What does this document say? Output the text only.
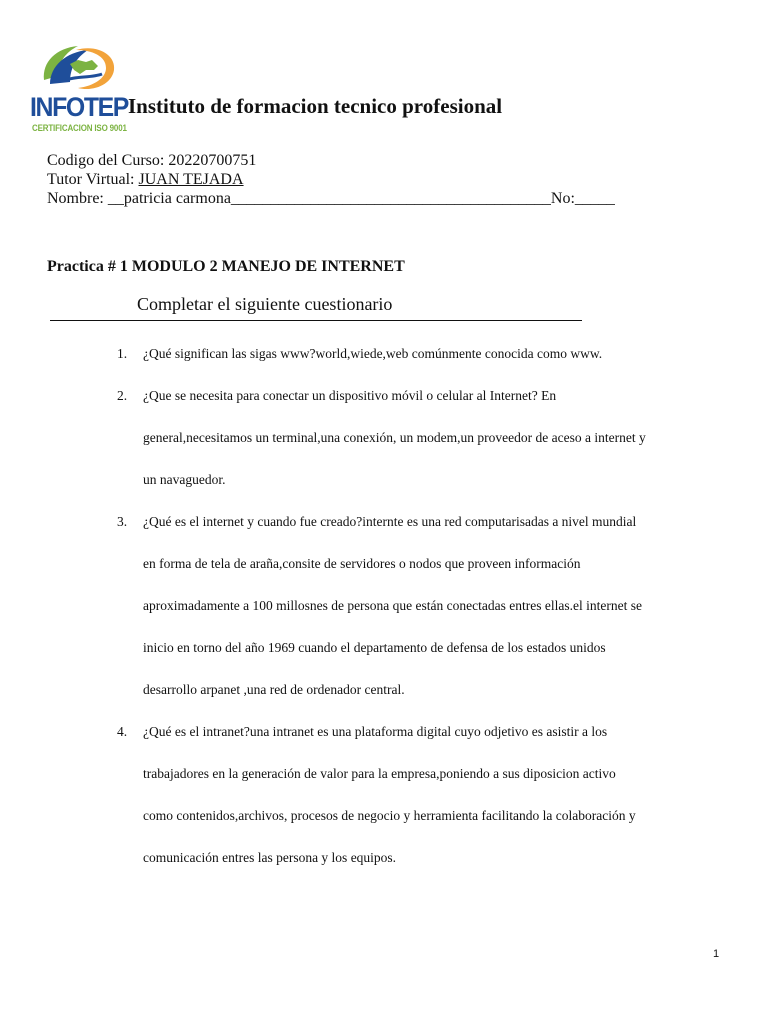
INFOTEP
CERTIFICACION ISO 9001
Instituto de formacion tecnico profesional
Codigo del Curso: 20220700751
Tutor Virtual: JUAN TEJADA
Nombre: __patricia carmona________________________________________No:_____
Practica # 1 MODULO 2 MANEJO DE INTERNET
Completar el siguiente cuestionario
1. ¿Qué significan las sigas www?world,wiede,web comúnmente conocida como www.
2. ¿Que se necesita para conectar un dispositivo móvil o celular al Internet? En
general,necesitamos un terminal,una conexión, un modem,un proveedor de aceso a internet y
un navaguedor.
3. ¿Qué es el internet y cuando fue creado?internte es una red computarisadas a nivel mundial
en forma de tela de araña,consite de servidores o nodos que proveen información
aproximadamente a 100 millosnes de persona que están conectadas entres ellas.el internet se
inicio en torno del año 1969 cuando el departamento de defensa de los estados unidos
desarrollo arpanet ,una red de ordenador central.
4. ¿Qué es el intranet?una intranet es una plataforma digital cuyo odjetivo es asistir a los
trabajadores en la generación de valor para la empresa,poniendo a sus diposicion activo
como contenidos,archivos, procesos de negocio y herramienta facilitando la colaboración y
comunicación entres las persona y los equipos.
1
